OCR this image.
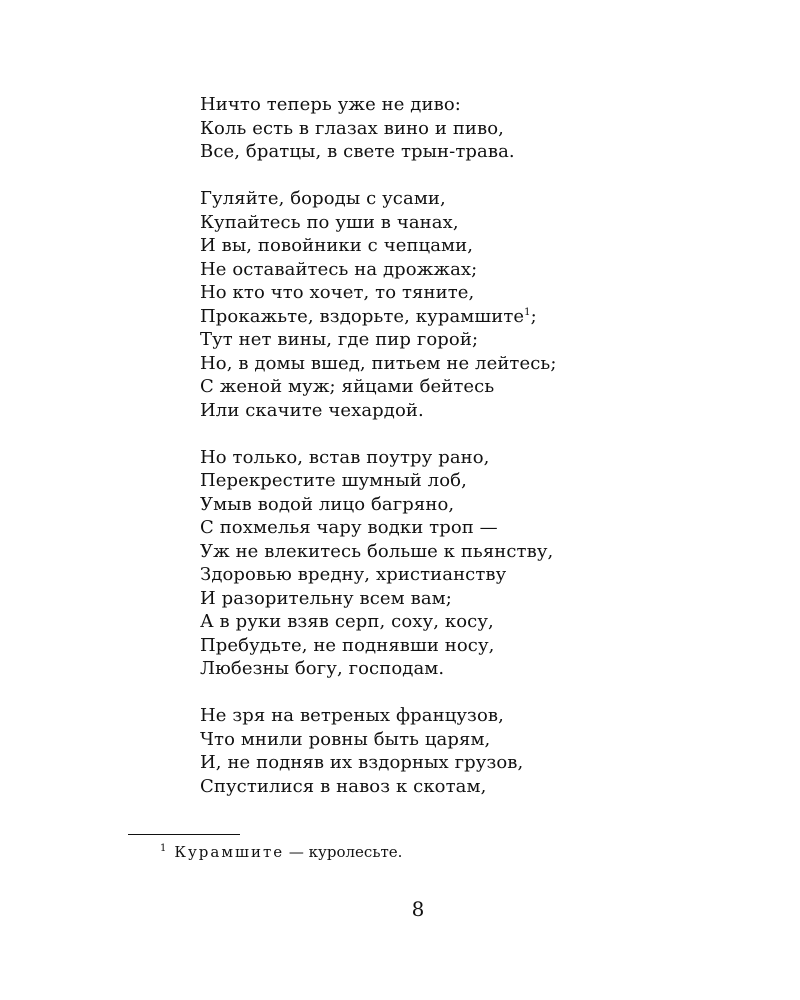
Ничто теперь уже не диво:
Коль есть в глазах вино и пиво,
Все, братцы, в свете трын-трава.
Гуляйте, бороды с усами,
Купайтесь по уши в чанах,
И вы, повойники с чепцами,
Не оставайтесь на дрожжах;
Но кто что хочет, то тяните,
Прокажьте, вздорьте, курамшите$^1$;
Тут нет вины, где пир горой;
Но, в домы вшед, питьем не лейтесь;
С женой муж; яйцами бейтесь
Или скачите чехардой.
Но только, встав поутру рано,
Перекрестите шумный лоб,
Умыв водой лицо багряно,
С похмелья чару водки троп —
Уж не влекитесь больше к пьянству,
Здоровью вредну, христианству
И разорительну всем вам;
А в руки взяв серп, соху, косу,
Пребудьте, не поднявши носу,
Любезны богу, господам.
Не зря на ветреных французов,
Что мнили ровны быть царям,
И, не подняв их вздорных грузов,
Спустилися в навоз к скотам,
$^1$ Курамшите — куролесьте.
8
